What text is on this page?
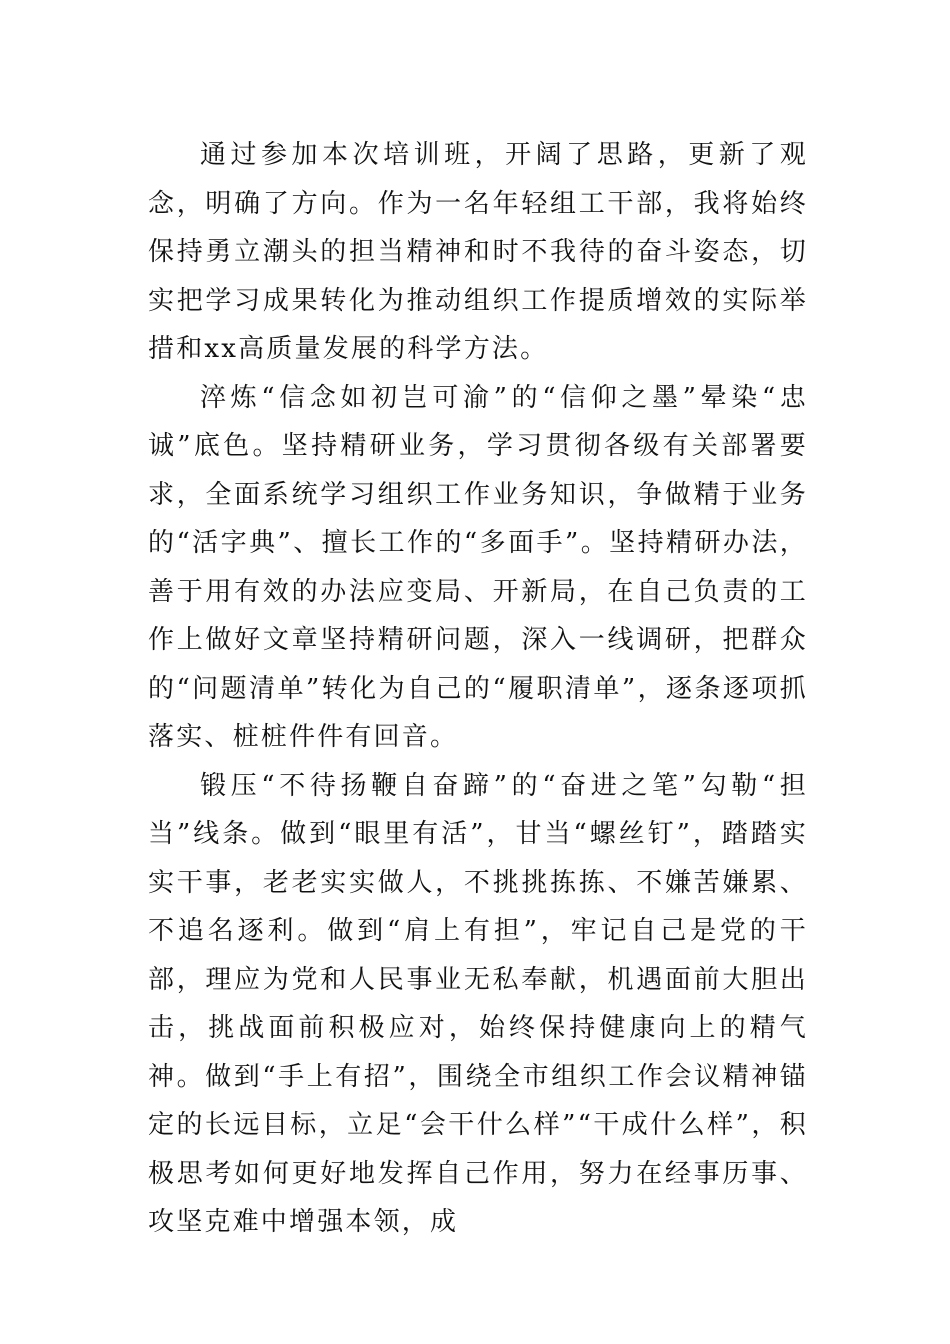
通过参加本次培训班，开阔了思路，更新了观念，明确了方向。作为一名年轻组工干部，我将始终保持勇立潮头的担当精神和时不我待的奋斗姿态，切实把学习成果转化为推动组织工作提质增效的实际举措和xx高质量发展的科学方法。

淬炼“信念如初岂可渝”的“信仰之墨”晕染“忠诚”底色。坚持精研业务，学习贯彻各级有关部署要求，全面系统学习组织工作业务知识，争做精于业务的“活字典”、擅长工作的“多面手”。坚持精研办法，善于用有效的办法应变局、开新局，在自己负责的工作上做好文章坚持精研问题，深入一线调研，把群众的“问题清单”转化为自己的“履职清单”，逐条逐项抓落实、桩桩件件有回音。

锻压“不待扬鞭自奋蹄”的“奋进之笔”勾勒“担当”线条。做到“眼里有活”，甘当“螺丝钉”，踏踏实实干事，老老实实做人，不挑挑拣拣、不嫌苦嫌累、不追名逐利。做到“肩上有担”，牢记自己是党的干部，理应为党和人民事业无私奉献，机遇面前大胆出击，挑战面前积极应对，始终保持健康向上的精气神。做到“手上有招”，围绕全市组织工作会议精神锚定的长远目标，立足“会干什么样”“干成什么样”，积极思考如何更好地发挥自己作用，努力在经事历事、攻坚克难中增强本领，成
